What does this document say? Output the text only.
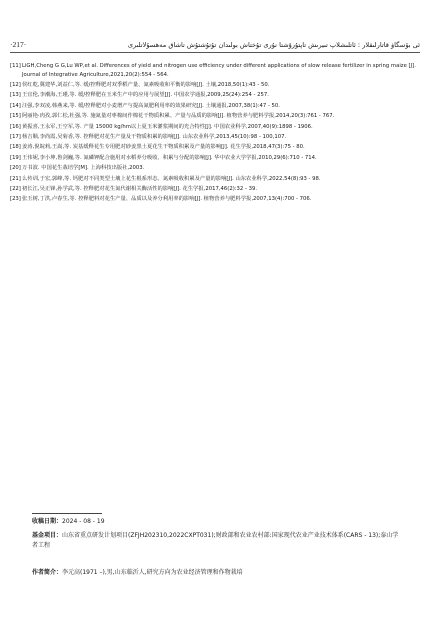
·217·	ئى بۆسگاۋ قاتارلىقلار : ئاتلىشلاپ تىيرىش تاپتۇرۇشتا نۇرى تۇختاش بولىدان تۇتۇشتۇش تاشاق مەھسۇلاتلىرى
[11] LiGH,Cheng G G,Lu WP,et al. Differences of yield and nitrogen use efficiency under different applications of slow release fertilizer in spring maize [J]. Journal of Integrative Agriculture,2021,20(2):554 - 564.
[12] 侯红乾,冀建华,刘益仁,等. 缓/控释肥对双季稻产量、氮素吸收和平衡的影响[J]. 土壤,2018,50(1):43 - 50.
[13] 王宜伦,李潮海,王瑾,等. 缓/控释肥在玉米生产中的应用与展望[J]. 中国农学通报,2009,25(24):254 - 257.
[14] 汪强,李双凌,韩燕来,等. 缓/控释肥对小麦增产与提高氮肥利用率的效果研究[J]. 土壤通报,2007,38(1):47 - 50.
[15] 阿丽艳·肉孜,郭仁松,杜强,等. 施氮量对枣棉间作棉花干物质积累、产量与品质的影响[J]. 植物营养与肥料学报,2014,20(3):761 - 767.
[16] 黄振喜,王永军,王空军,等. 产量 15000 kg/hm以上夏玉米灌浆期间的光合特性[J]. 中国农业科学,2007,40(9):1898 - 1906.
[17] 杨吉顺,李尚霞,吴菊香,等. 控释肥对花生产量及干物质积累的影响[J]. 山东农业科学,2013,45(10):98 - 100,107.
[18] 姜涛,倪皖莉,王嵩,等. 炭基缓释花生专用肥对砂姜黑土夏花生干物质积累及产量的影响[J]. 花生学报,2018,47(3):75 - 80.
[19] 王伟妮,李小坤,鲁剑巍,等. 氮磷钾配合施用对水稻养分吸收、积累与分配的影响[J]. 华中农业大学学报,2010,29(6):710 - 714.
[20] 万书波. 中国花生栽培学[M]. 上海科技出版社,2003.
[21] 么传训,于宏,郭峰,等. 钙肥对不同类型土壤上花生根系形态、氮素吸收积累及产量的影响[J]. 山东农业科学,2022,54(8):93 - 98.
[22] 初长江,吴正锋,孙学武,等. 控释肥对花生氮代谢相关酶活性的影响[J]. 花生学报,2017,46(2):32 - 39.
[23] 张玉树,丁洪,卢春生,等. 控释肥料对花生产量、品质以及养分利用率的影响[J]. 植物营养与肥料学报,2007,13(4):700 - 706.
收稿日期：2024 - 08 - 19
基金项目：山东省重点研发计划项目(ZFJH202310,2022CXPT031);财政部和农业农村部:国家现代农业产业技术体系(CARS - 13);泰山学者工程
作者简介：李元高(1971 –),男,山东临沂人,研究方向为农业经济管理和作物栽培
